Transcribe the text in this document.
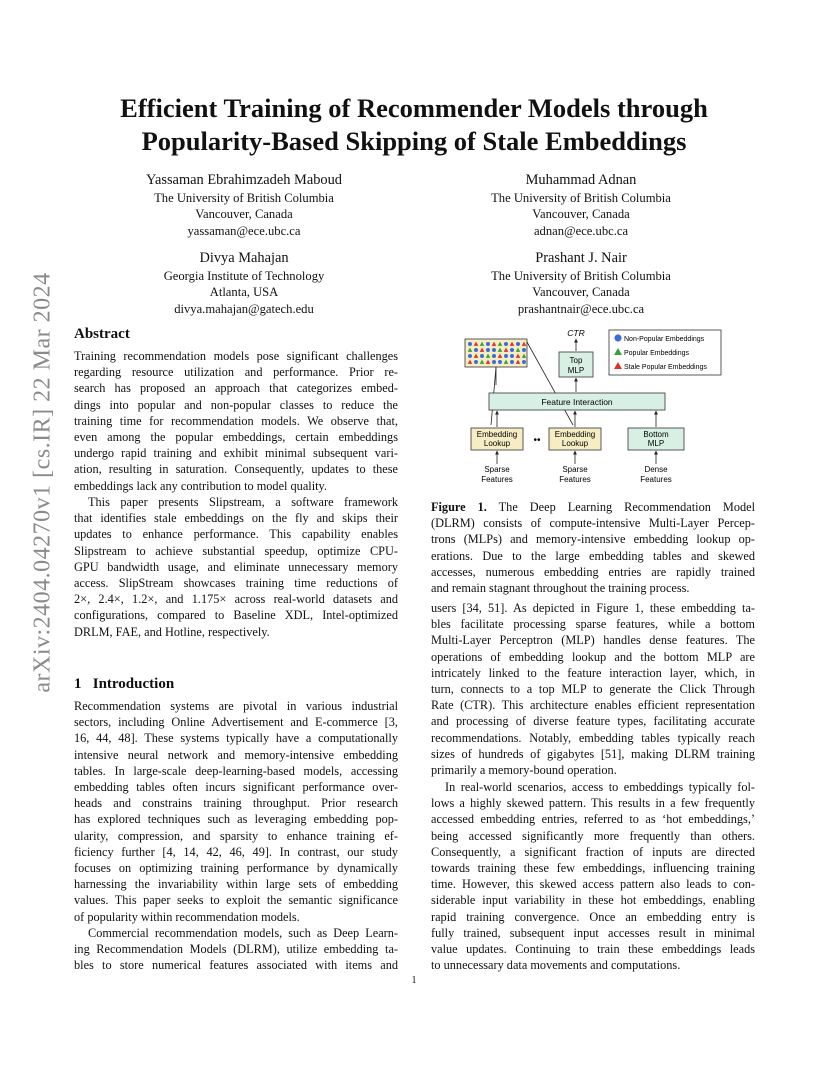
arXiv:2404.04270v1 [cs.IR] 22 Mar 2024
Efficient Training of Recommender Models through
Popularity-Based Skipping of Stale Embeddings
Yassaman Ebrahimzadeh Maboud
The University of British Columbia
Vancouver, Canada
yassaman@ece.ubc.ca
Muhammad Adnan
The University of British Columbia
Vancouver, Canada
adnan@ece.ubc.ca
Divya Mahajan
Georgia Institute of Technology
Atlanta, USA
divya.mahajan@gatech.edu
Prashant J. Nair
The University of British Columbia
Vancouver, Canada
prashantnair@ece.ubc.ca
Abstract
Training recommendation models pose significant challenges
regarding resource utilization and performance. Prior re-
search has proposed an approach that categorizes embed-
dings into popular and non-popular classes to reduce the
training time for recommendation models. We observe that,
even among the popular embeddings, certain embeddings
undergo rapid training and exhibit minimal subsequent vari-
ation, resulting in saturation. Consequently, updates to these
embeddings lack any contribution to model quality.
This paper presents Slipstream, a software framework
that identifies stale embeddings on the fly and skips their
updates to enhance performance. This capability enables
Slipstream to achieve substantial speedup, optimize CPU-
GPU bandwidth usage, and eliminate unnecessary memory
access. SlipStream showcases training time reductions of
2×, 2.4×, 1.2×, and 1.175× across real-world datasets and
configurations, compared to Baseline XDL, Intel-optimized
DRLM, FAE, and Hotline, respectively.
1 Introduction
Recommendation systems are pivotal in various industrial
sectors, including Online Advertisement and E-commerce [3,
16, 44, 48]. These systems typically have a computationally
intensive neural network and memory-intensive embedding
tables. In large-scale deep-learning-based models, accessing
embedding tables often incurs significant performance over-
heads and constrains training throughput. Prior research
has explored techniques such as leveraging embedding pop-
ularity, compression, and sparsity to enhance training ef-
ficiency further [4, 14, 42, 46, 49]. In contrast, our study
focuses on optimizing training performance by dynamically
harnessing the invariability within large sets of embedding
values. This paper seeks to exploit the semantic significance
of popularity within recommendation models.
Commercial recommendation models, such as Deep Learn-
ing Recommendation Models (DLRM), utilize embedding ta-
bles to store numerical features associated with items and
CTR
Top
MLP
Feature Interaction
Embedding
Lookup ••
Embedding
Lookup
Bottom
MLP
Sparse
Features
Sparse
Features
Dense
Features
Non-Popular Embeddings
Popular Embeddings
Stale Popular Embeddings
Figure 1. The Deep Learning Recommendation Model
(DLRM) consists of compute-intensive Multi-Layer Percep-
trons (MLPs) and memory-intensive embedding lookup op-
erations. Due to the large embedding tables and skewed
accesses, numerous embedding entries are rapidly trained
and remain stagnant throughout the training process.
users [34, 51]. As depicted in Figure 1, these embedding ta-
bles facilitate processing sparse features, while a bottom
Multi-Layer Perceptron (MLP) handles dense features. The
operations of embedding lookup and the bottom MLP are
intricately linked to the feature interaction layer, which, in
turn, connects to a top MLP to generate the Click Through
Rate (CTR). This architecture enables efficient representation
and processing of diverse feature types, facilitating accurate
recommendations. Notably, embedding tables typically reach
sizes of hundreds of gigabytes [51], making DLRM training
primarily a memory-bound operation.
In real-world scenarios, access to embeddings typically fol-
lows a highly skewed pattern. This results in a few frequently
accessed embedding entries, referred to as ‘hot embeddings,’
being accessed significantly more frequently than others.
Consequently, a significant fraction of inputs are directed
towards training these few embeddings, influencing training
time. However, this skewed access pattern also leads to con-
siderable input variability in these hot embeddings, enabling
rapid training convergence. Once an embedding entry is
fully trained, subsequent input accesses result in minimal
value updates. Continuing to train these embeddings leads
to unnecessary data movements and computations.
1
